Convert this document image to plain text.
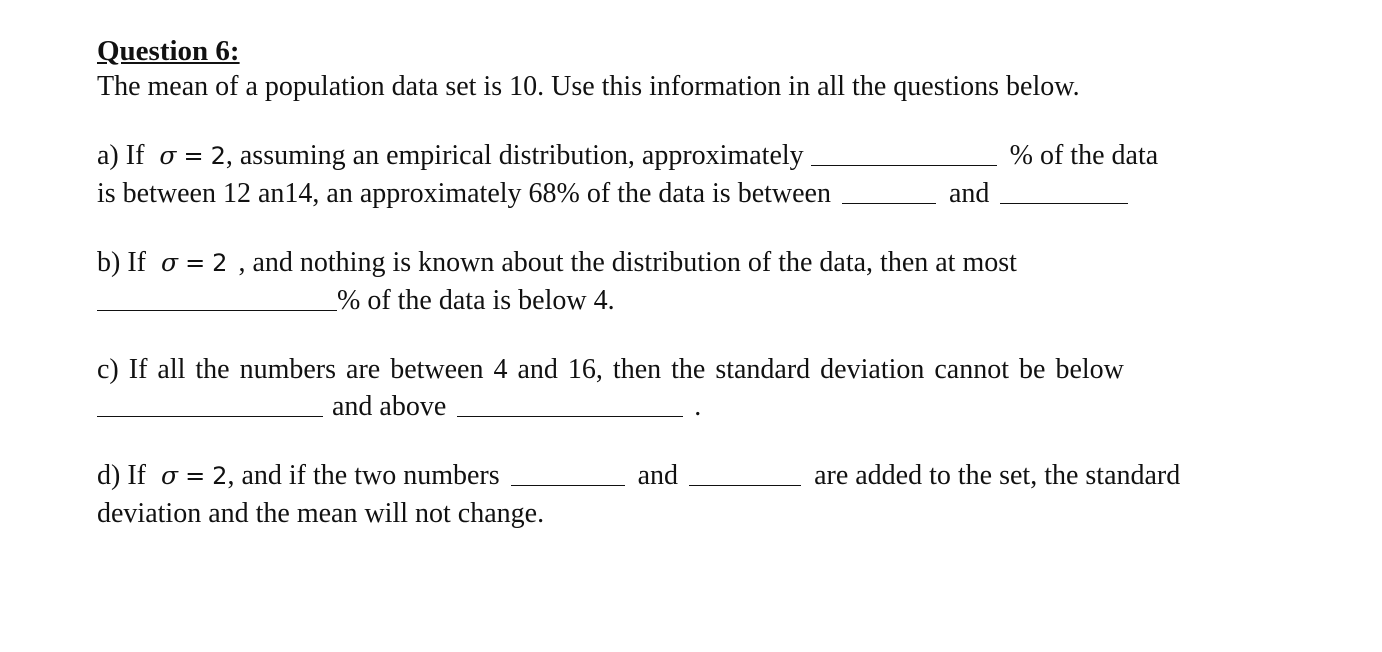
Question 6:
The mean of a population data set is 10. Use this information in all the questions below.
a) If σ = 2, assuming an empirical distribution, approximately	% of the data
is between 12 an14, an approximately 68% of the data is between	and
b) If σ = 2 , and nothing is known about the distribution of the data, then at most
% of the data is below 4.
c) If all the numbers are between 4 and 16, then the standard deviation cannot be below
and above	.
d) If σ = 2, and if the two numbers	and	are added to the set, the standard
deviation and the mean will not change.
